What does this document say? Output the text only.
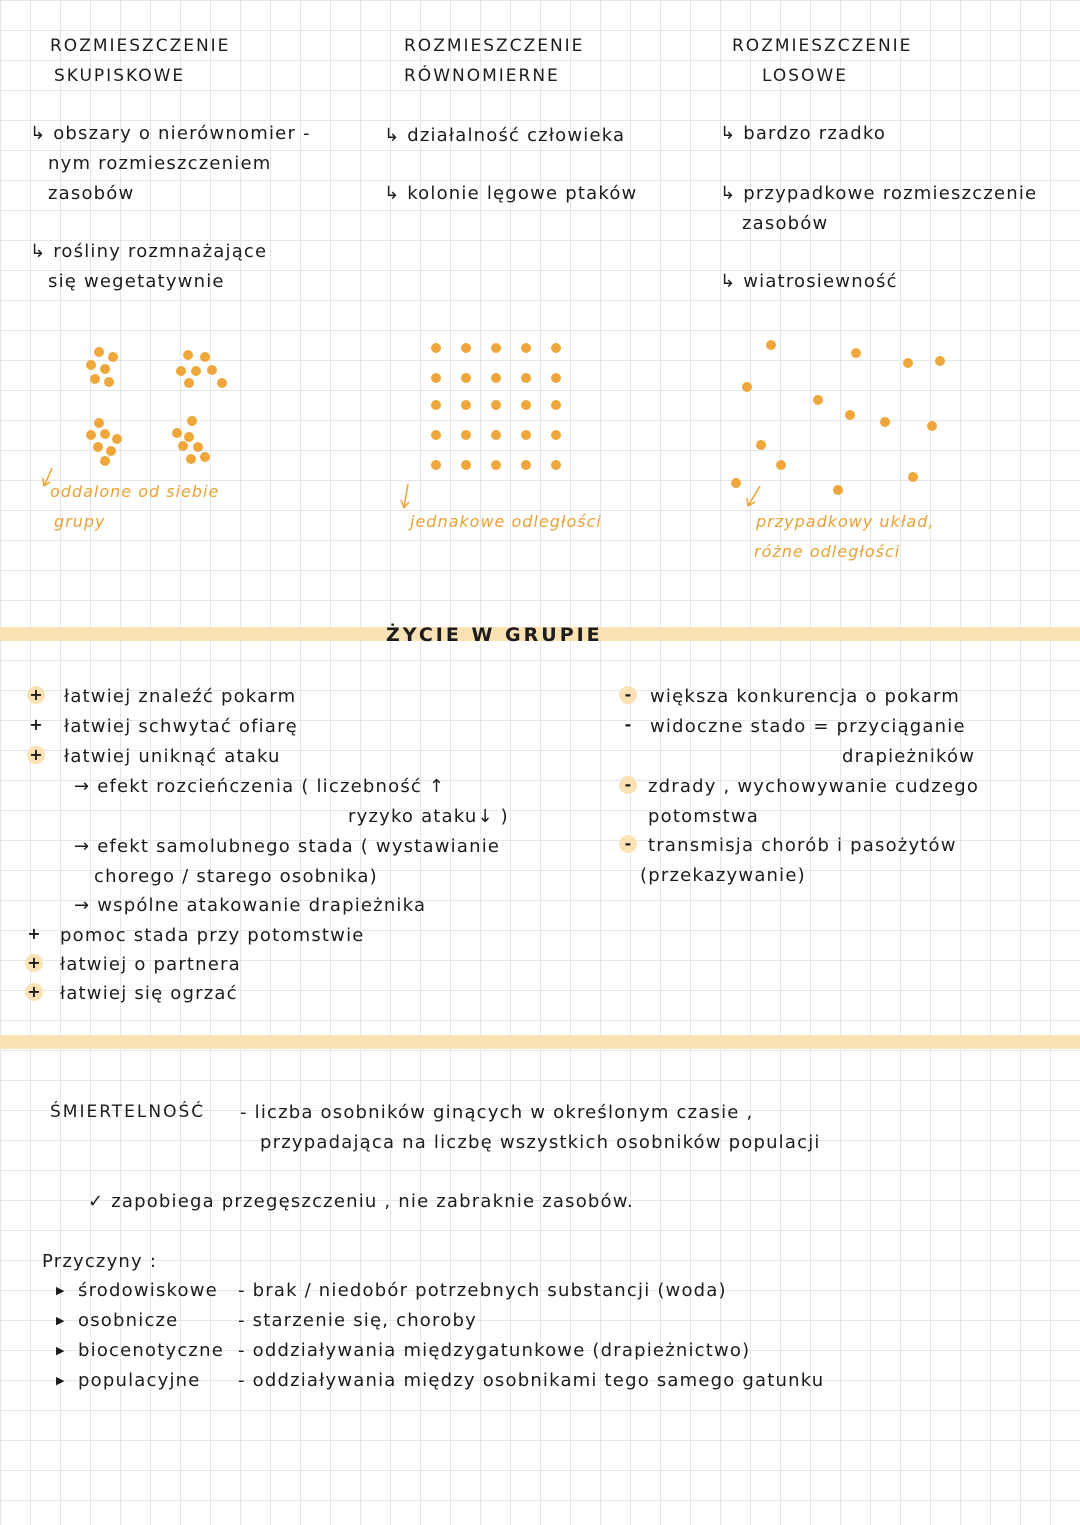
ROZMIESZCZENIE
SKUPISKOWE
↳ obszary o nierównomier -
nym rozmieszczeniem
zasobów
↳ rośliny rozmnażające
się wegetatywnie
oddalone od siebie
grupy
ROZMIESZCZENIE
RÓWNOMIERNE
↳ działalność człowieka
↳ kolonie lęgowe ptaków
jednakowe odległości
ROZMIESZCZENIE
LOSOWE
↳ bardzo rzadko
↳ przypadkowe rozmieszczenie
zasobów
↳ wiatrosiewność
przypadkowy układ,
różne odległości
ŻYCIE W GRUPIE
+ łatwiej znaleźć pokarm
+ łatwiej schwytać ofiarę
+ łatwiej uniknąć ataku
→ efekt rozcieńczenia ( liczebność ↑
ryzyko ataku↓ )
→ efekt samolubnego stada ( wystawianie
chorego / starego osobnika)
→ wspólne atakowanie drapieżnika
+ pomoc stada przy potomstwie
+ łatwiej o partnera
+ łatwiej się ogrzać
-	większa konkurencja o pokarm
-	widoczne stado = przyciąganie
drapieżników
- zdrady , wychowywanie cudzego
potomstwa
- transmisja chorób i pasożytów
(przekazywanie)
ŚMIERTELNOŚĆ - liczba osobników ginących w określonym czasie ,
przypadająca na liczbę wszystkich osobników populacji
✓ zapobiega przegęszczeniu , nie zabraknie zasobów.
Przyczyny :
▶ środowiskowe - brak / niedobór potrzebnych substancji (woda)
▶ osobnicze	- starzenie się, choroby
▶ biocenotyczne - oddziaływania międzygatunkowe (drapieżnictwo)
▶ populacyjne - oddziaływania między osobnikami tego samego gatunku
